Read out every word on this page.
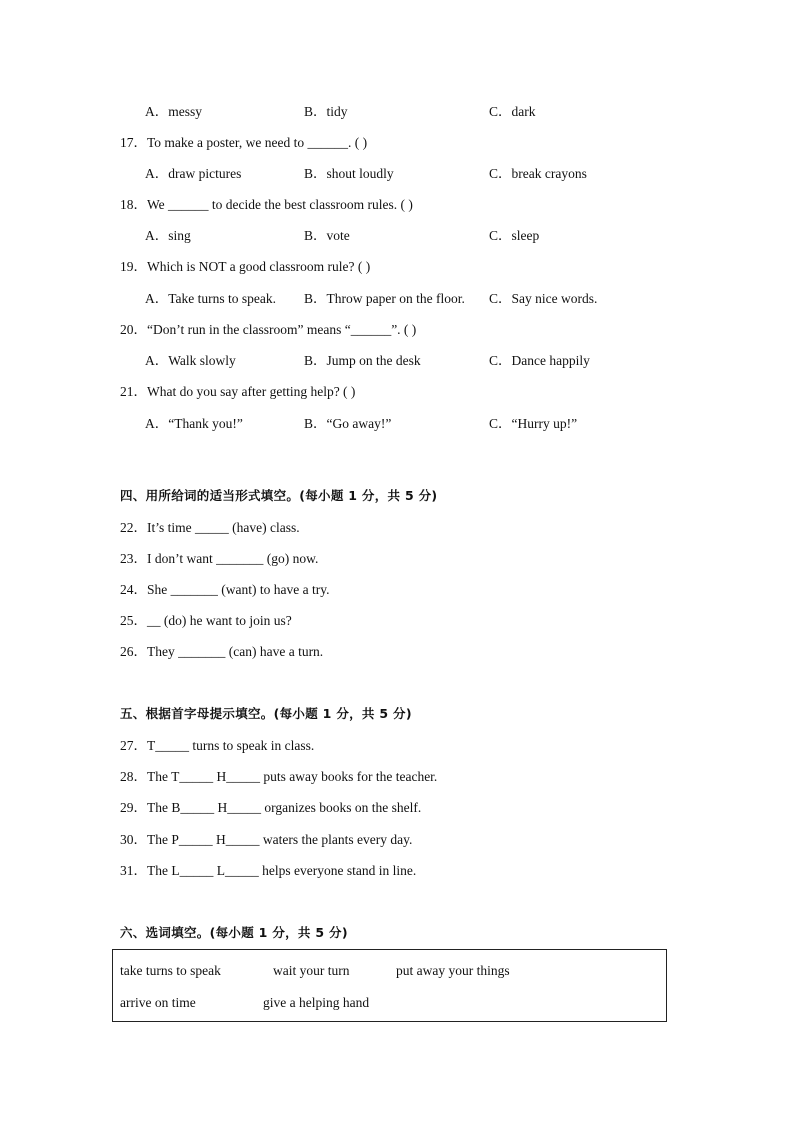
A．messy	B．tidy	C．dark
17．To make a poster, we need to ______. ( )
A．draw pictures	B．shout loudly	C．break crayons
18．We ______ to decide the best classroom rules. ( )
A．sing	B．vote	C．sleep
19．Which is NOT a good classroom rule? ( )
A．Take turns to speak. B．Throw paper on the floor. C．Say nice words.
20．“Don’t run in the classroom” means “______”. ( )
A．Walk slowly	B．Jump on the desk	C．Dance happily
21．What do you say after getting help? ( )
A．“Thank you!”	B．“Go away!”	C．“Hurry up!”
四、用所给词的适当形式填空。(每小题 1 分，共 5 分)
22．It’s time _____ (have) class.
23．I don’t want _______ (go) now.
24．She _______ (want) to have a try.
25．__ (do) he want to join us?
26．They _______ (can) have a turn.
五、根据首字母提示填空。(每小题 1 分，共 5 分)
27．T_____ turns to speak in class.
28．The T_____ H_____ puts away books for the teacher.
29．The B_____ H_____ organizes books on the shelf.
30．The P_____ H_____ waters the plants every day.
31．The L_____ L_____ helps everyone stand in line.
六、选词填空。(每小题 1 分，共 5 分)
take turns to speak	wait your turn	put away your things
arrive on time	give a helping hand
